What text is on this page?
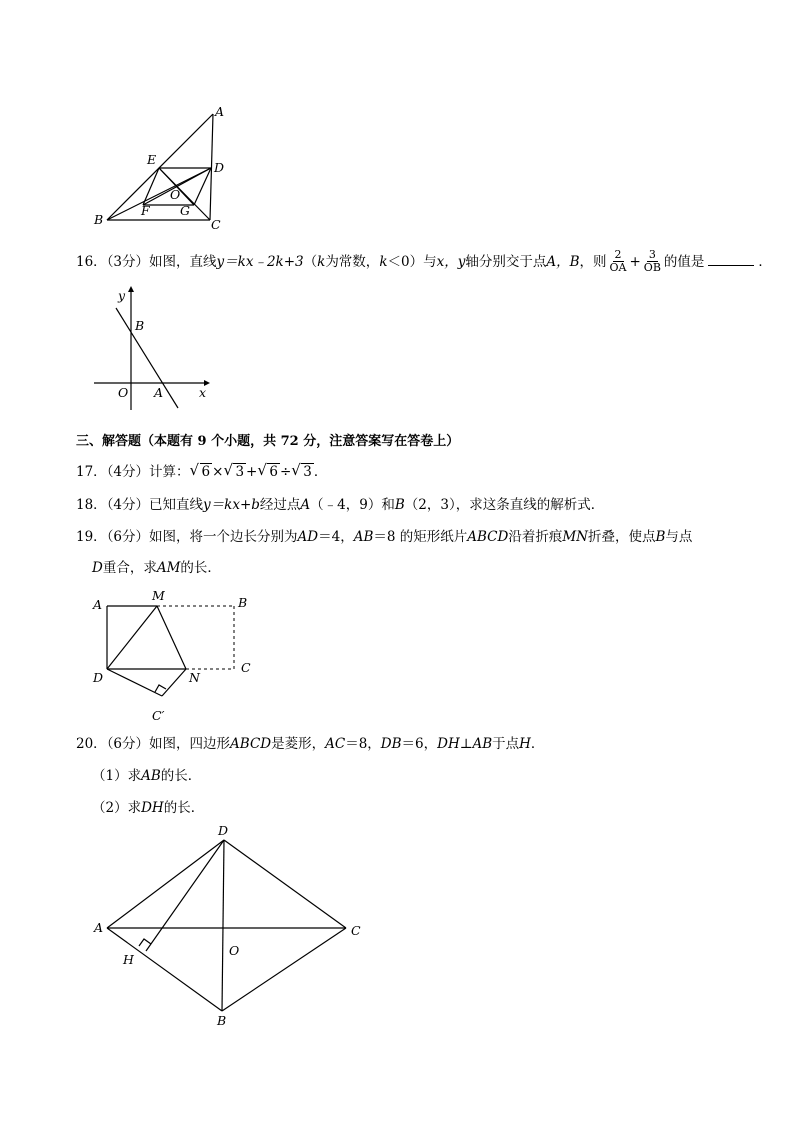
A
E
D
O
F G
B	C
16．（3分）如图，直线y＝kx﹣2k+3（k为常数，k＜0）与x，y轴分别交于点A，B，则 $\frac{2}{OA} + \frac{3}{OB}$ 的值是	．
y
x
O A
B
三、解答题（本题有 9 个小题，共 72 分，注意答案写在答卷上）
17．（4分）计算： √ 6 × √ 3 + √ 6 ÷ √ 3 ．
18．（4分）已知直线y＝kx+b经过点A（﹣4，9）和B（2，3），求这条直线的解析式．
19．（6分）如图，将一个边长分别为AD＝4，AB＝8 的矩形纸片ABCD沿着折痕MN折叠，使点B与点
D重合，求AM的长．
A
M	B
D	N
C
C′
20．（6分）如图，四边形ABCD是菱形，AC＝8，DB＝6，DH⊥AB于点H．
（1）求AB的长．
（2）求DH的长．
D
A	C
O
H
B
